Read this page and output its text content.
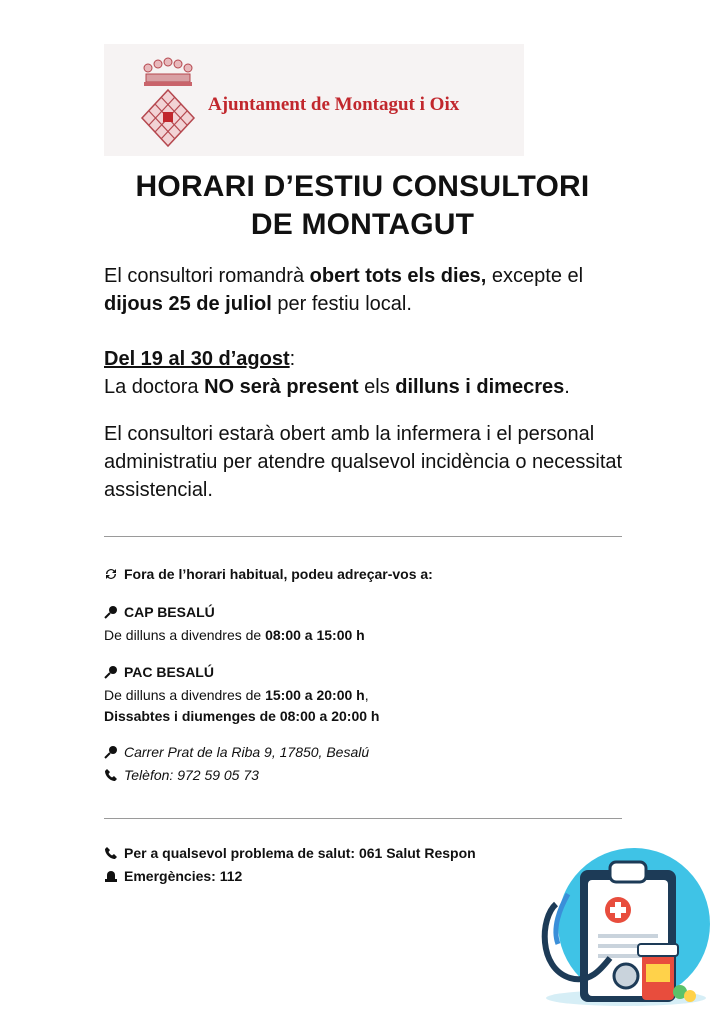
Ajuntament de Montagut i Oix
HORARI D’ESTIU CONSULTORI
DE MONTAGUT
El consultori romandrà obert tots els dies, excepte el dijous 25 de juliol per festiu local.
Del 19 al 30 d’agost:
La doctora NO serà present els dilluns i dimecres.
El consultori estarà obert amb la infermera i el personal administratiu per atendre qualsevol incidència o necessitat assistencial.
Fora de l’horari habitual, podeu adreçar-vos a:
CAP BESALÚ
De dilluns a divendres de 08:00 a 15:00 h
PAC BESALÚ
De dilluns a divendres de 15:00 a 20:00 h,
Dissabtes i diumenges de 08:00 a 20:00 h
Carrer Prat de la Riba 9, 17850, Besalú
Telèfon: 972 59 05 73
Per a qualsevol problema de salut: 061 Salut Respon
Emergències: 112
